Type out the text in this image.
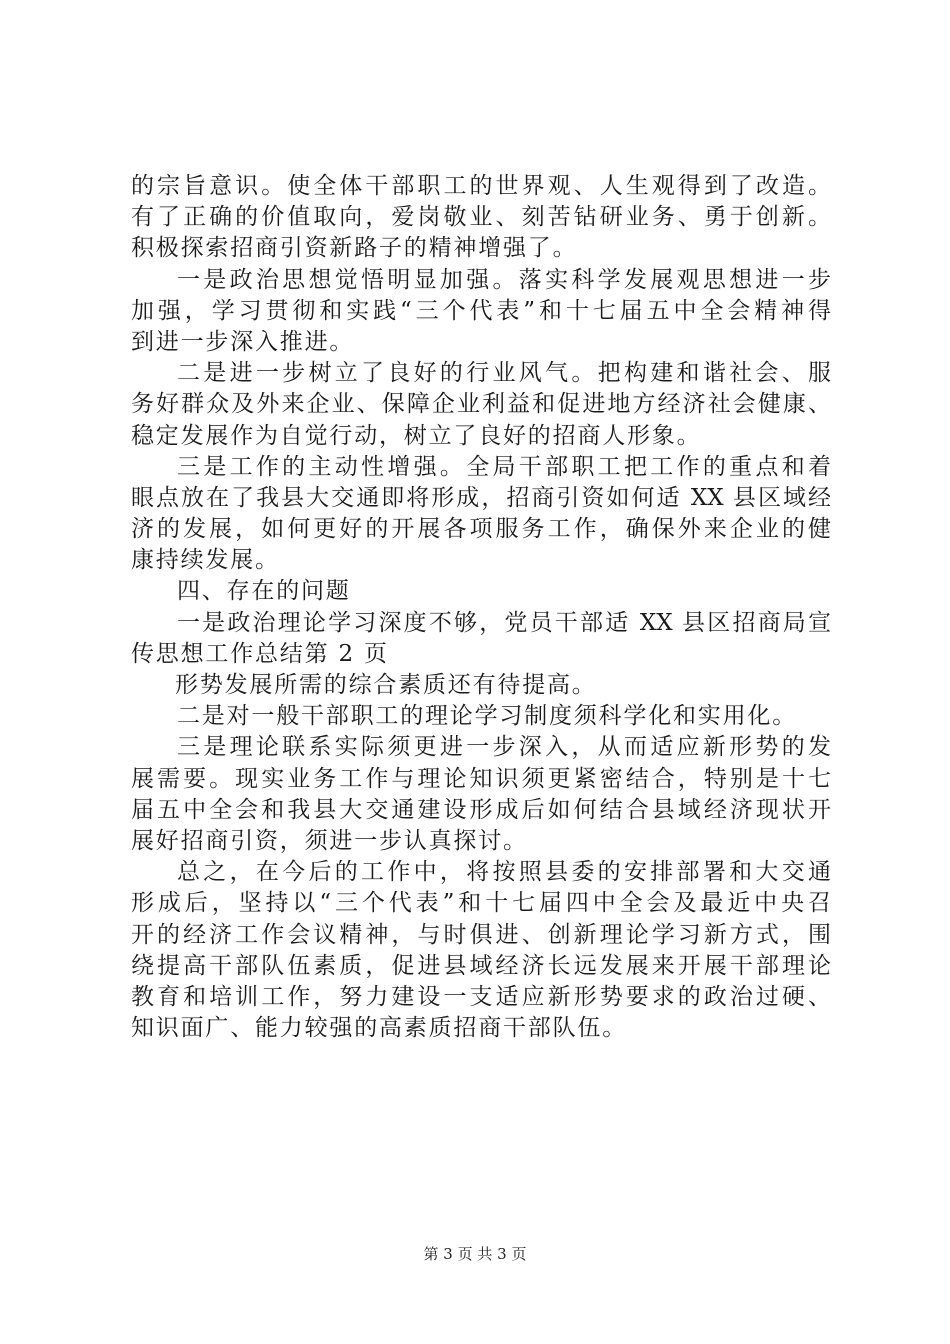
的宗旨意识。使全体干部职工的世界观、人生观得到了改造。
有了正确的价值取向，爱岗敬业、刻苦钻研业务、勇于创新。
积极探索招商引资新路子的精神增强了。
一是政治思想觉悟明显加强。落实科学发展观思想进一步
加强，学习贯彻和实践“三个代表”和十七届五中全会精神得
到进一步深入推进。
二是进一步树立了良好的行业风气。把构建和谐社会、服
务好群众及外来企业、保障企业利益和促进地方经济社会健康、
稳定发展作为自觉行动，树立了良好的招商人形象。
三是工作的主动性增强。全局干部职工把工作的重点和着
眼点放在了我县大交通即将形成，招商引资如何适 XX 县区域经
济的发展，如何更好的开展各项服务工作，确保外来企业的健
康持续发展。
四、存在的问题
一是政治理论学习深度不够，党员干部适 XX 县区招商局宣
传思想工作总结第 2 页
形势发展所需的综合素质还有待提高。
二是对一般干部职工的理论学习制度须科学化和实用化。
三是理论联系实际须更进一步深入，从而适应新形势的发
展需要。现实业务工作与理论知识须更紧密结合，特别是十七
届五中全会和我县大交通建设形成后如何结合县域经济现状开
展好招商引资，须进一步认真探讨。
总之，在今后的工作中，将按照县委的安排部署和大交通
形成后，坚持以“三个代表”和十七届四中全会及最近中央召
开的经济工作会议精神，与时俱进、创新理论学习新方式，围
绕提高干部队伍素质，促进县域经济长远发展来开展干部理论
教育和培训工作，努力建设一支适应新形势要求的政治过硬、
知识面广、能力较强的高素质招商干部队伍。
第 3 页 共 3 页
